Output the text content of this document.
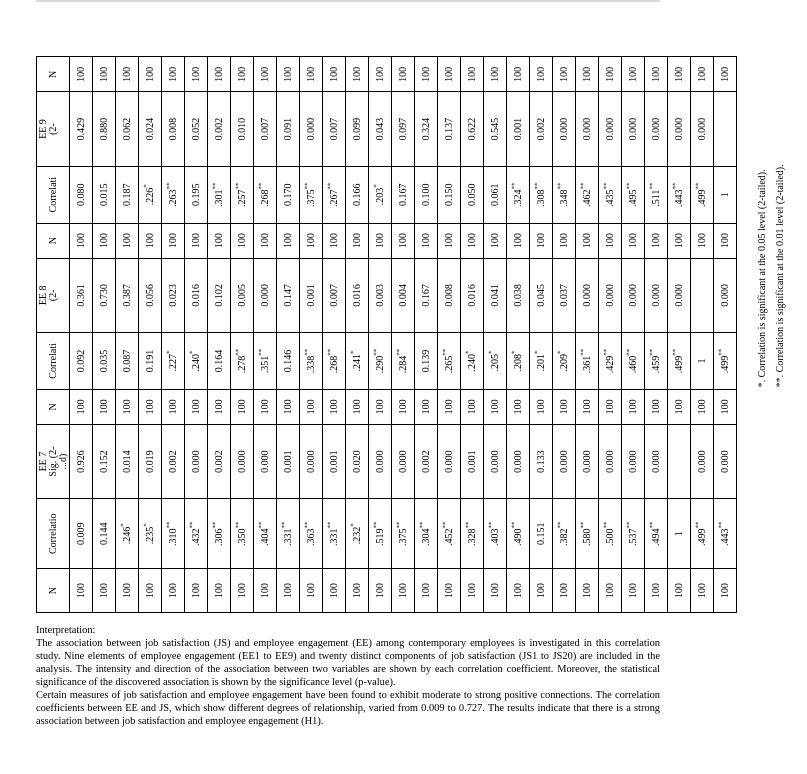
N	Correlatio	EE 7
Sig. (2-
...d)	N	Correlati	EE 8
(2-	N	Correlati	EE 9
(2-	N	
100	0.009	0.926	100	0.092	0.361	100	0.080	0.429	100	
100	0.144	0.152	100	0.035	0.730	100	0.015	0.880	100	
100	.246*	0.014	100	0.087	0.387	100	0.187	0.062	100	
100	.235*	0.019	100	0.191	0.056	100	.226*	0.024	100	
100	.310**	0.002	100	.227*	0.023	100	.263**	0.008	100	
100	.432**	0.000	100	.240*	0.016	100	0.195	0.052	100	
100	.306**	0.002	100	0.164	0.102	100	.301**	0.002	100	
100	.350**	0.000	100	.278**	0.005	100	.257**	0.010	100	
100	.404**	0.000	100	.351**	0.000	100	.268**	0.007	100	
100	.331**	0.001	100	0.146	0.147	100	0.170	0.091	100	
100	.363**	0.000	100	.338**	0.001	100	.375**	0.000	100	
100	.331**	0.001	100	.268**	0.007	100	.267**	0.007	100	
100	.232*	0.020	100	.241*	0.016	100	0.166	0.099	100	
100	.519**	0.000	100	.290**	0.003	100	.203*	0.043	100	
100	.375**	0.000	100	.284**	0.004	100	0.167	0.097	100	
100	.304**	0.002	100	0.139	0.167	100	0.100	0.324	100	
100	.452**	0.000	100	.265**	0.008	100	0.150	0.137	100	
100	.328**	0.001	100	.240*	0.016	100	0.050	0.622	100	
100	.403**	0.000	100	.205*	0.041	100	0.061	0.545	100	
100	.490**	0.000	100	.208*	0.038	100	.324**	0.001	100	
100	0.151	0.133	100	.201*	0.045	100	.308**	0.002	100	
100	.382**	0.000	100	.209*	0.037	100	.348**	0.000	100	
100	.580**	0.000	100	.361**	0.000	100	.462**	0.000	100	
100	.500**	0.000	100	.429**	0.000	100	.435**	0.000	100	
100	.537**	0.000	100	.460**	0.000	100	.495**	0.000	100	
100	.494**	0.000	100	.459**	0.000	100	.511**	0.000	100	
100	1		100	.499**	0.000	100	.443**	0.000	100	
100	.499**	0.000	100	1		100	.499**	0.000	100	
100	.443**	0.000	100	.499**	0.000	100	1		100	

				*. Correlation is significant at the 0.05 level (2-tailed). **. Correlation is significant at the 0.01 level (2-tailed).						

Interpretation:

The association between job satisfaction (JS) and employee engagement (EE) among contemporary employees is investigated in this correlation study. Nine elements of employee engagement (EE1 to EE9) and twenty distinct components of job satisfaction (JS1 to JS20) are included in the analysis. The intensity and direction of the association between two variables are shown by each correlation coefficient. Moreover, the statistical significance of the discovered association is shown by the significance level (p-value).

Certain measures of job satisfaction and employee engagement have been found to exhibit moderate to strong positive connections. The correlation coefficients between EE and JS, which show different degrees of relationship, varied from 0.009 to 0.727. The results indicate that there is a strong association between job satisfaction and employee engagement (H1).
